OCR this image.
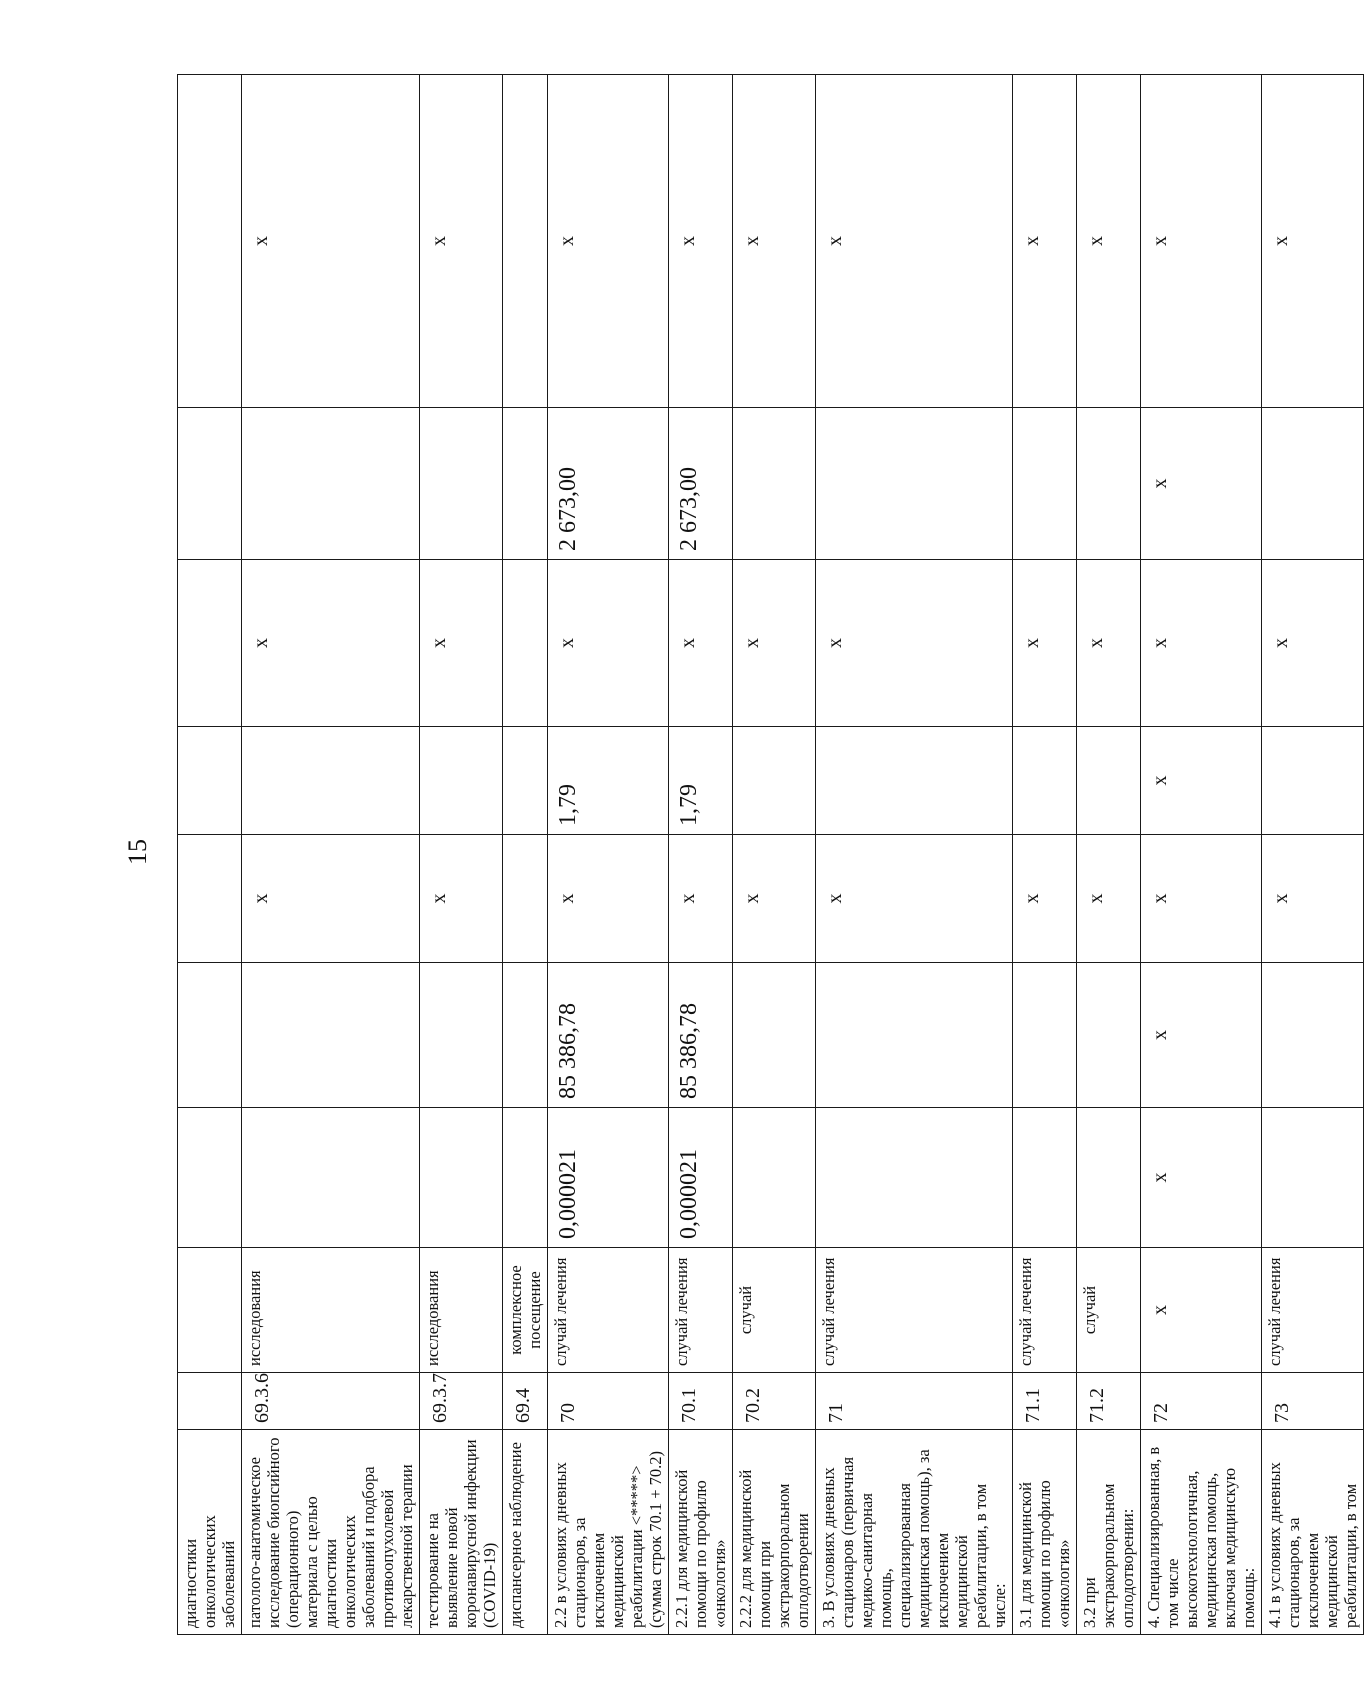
15
диагностики онкологических заболеваний									
патолого-анатомическое исследование биопсийного (операционного) материала с целью диагностики онкологических заболеваний и подбора противоопухолевой лекарственной терапии	69.3.6	исследования			х		х		х
тестирование на выявление новой коронавирусной инфекции (COVID-19)	69.3.7	исследования			х		х		х
диспансерное наблюдение	69.4	комплексное посещение							
2.2 в условиях дневных стационаров, за исключением медицинской реабилитации <*****> (сумма строк 70.1 + 70.2)	70	случай лечения	0,000021	85 386,78	х	1,79	х	2 673,00	х
2.2.1 для медицинской помощи по профилю «онкология»	70.1	случай лечения	0,000021	85 386,78	х	1,79	х	2 673,00	х
2.2.2 для медицинской помощи при экстракорпоральном оплодотворении	70.2	случай			х		х		х
3. В условиях дневных стационаров (первичная медико-санитарная помощь, специализированная медицинская помощь), за исключением медицинской реабилитации, в том числе:	71	случай лечения			х		х		х
3.1 для медицинской помощи по профилю «онкология»	71.1	случай лечения			х		х		х
3.2 при экстракорпоральном оплодотворении:	71.2	случай			х		х		х
4. Специализированная, в том числе высокотехнологичная, медицинская помощь, включая медицинскую помощь:	72	х	х	х	х	х	х	х	х
4.1 в условиях дневных стационаров, за исключением медицинской реабилитации, в том	73	случай лечения			х		х		х
